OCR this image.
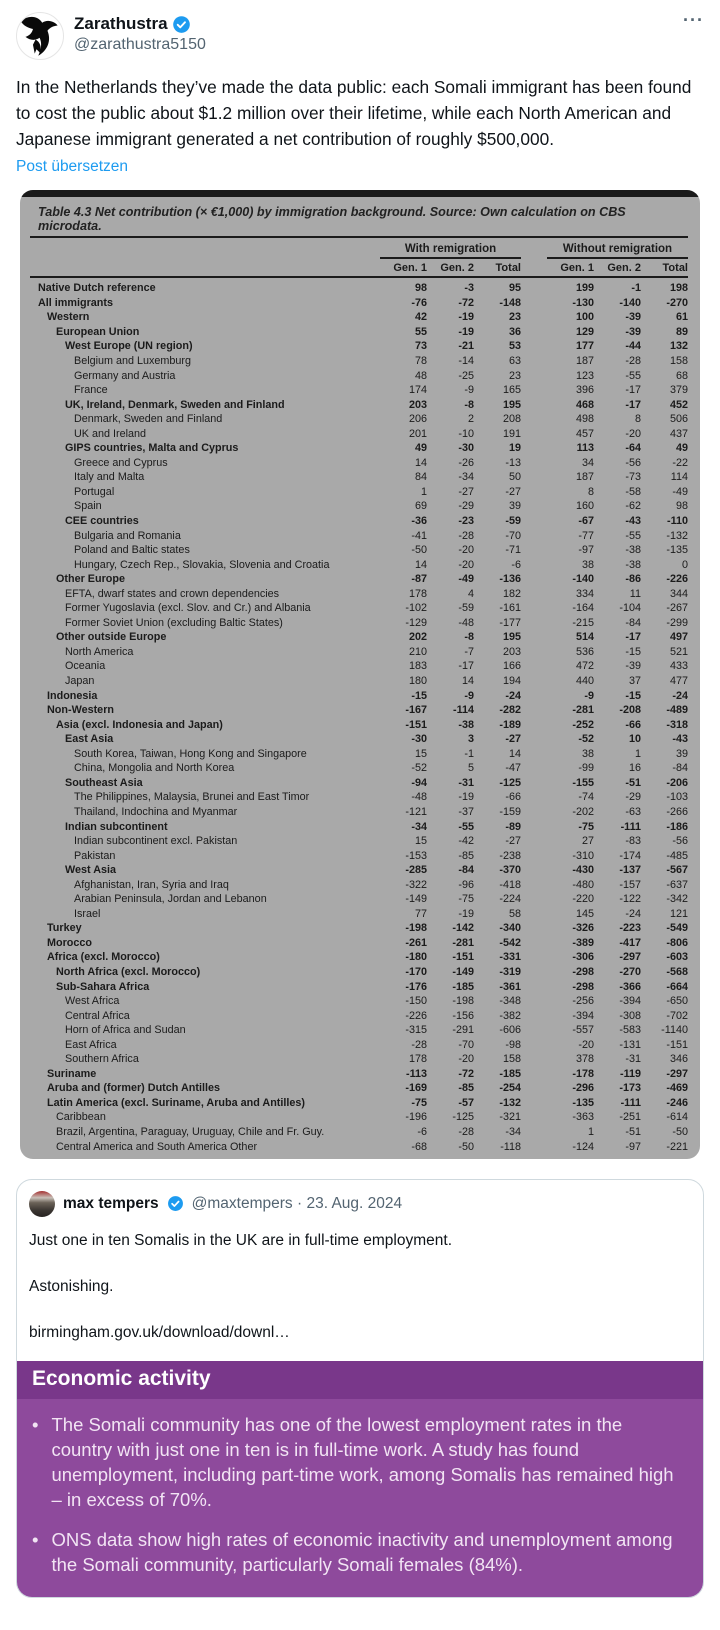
Zarathustra
@zarathustra5150
···
In the Netherlands they’ve made the data public: each Somali immigrant has been found to cost the public about $1.2 million over their lifetime, while each North American and Japanese immigrant generated a net contribution of roughly $500,000.
Post übersetzen
Table 4.3 Net contribution (× €1,000) by immigration background. Source: Own calculation on CBS microdata.
With remigration	Without remigration
Gen. 1	Gen. 2	Total	Gen. 1	Gen. 2	Total
Native Dutch reference	98	-3	95	199	-1	198
All immigrants	-76	-72	-148	-130	-140	-270
Western	42	-19	23	100	-39	61
European Union	55	-19	36	129	-39	89
West Europe (UN region)	73	-21	53	177	-44	132
Belgium and Luxemburg	78	-14	63	187	-28	158
Germany and Austria	48	-25	23	123	-55	68
France	174	-9	165	396	-17	379
UK, Ireland, Denmark, Sweden and Finland	203	-8	195	468	-17	452
Denmark, Sweden and Finland	206	2	208	498	8	506
UK and Ireland	201	-10	191	457	-20	437
GIPS countries, Malta and Cyprus	49	-30	19	113	-64	49
Greece and Cyprus	14	-26	-13	34	-56	-22
Italy and Malta	84	-34	50	187	-73	114
Portugal	1	-27	-27	8	-58	-49
Spain	69	-29	39	160	-62	98
CEE countries	-36	-23	-59	-67	-43	-110
Bulgaria and Romania	-41	-28	-70	-77	-55	-132
Poland and Baltic states	-50	-20	-71	-97	-38	-135
Hungary, Czech Rep., Slovakia, Slovenia and Croatia	14	-20	-6	38	-38	0
Other Europe	-87	-49	-136	-140	-86	-226
EFTA, dwarf states and crown dependencies	178	4	182	334	11	344
Former Yugoslavia (excl. Slov. and Cr.) and Albania	-102	-59	-161	-164	-104	-267
Former Soviet Union (excluding Baltic States)	-129	-48	-177	-215	-84	-299
Other outside Europe	202	-8	195	514	-17	497
North America	210	-7	203	536	-15	521
Oceania	183	-17	166	472	-39	433
Japan	180	14	194	440	37	477
Indonesia	-15	-9	-24	-9	-15	-24
Non-Western	-167	-114	-282	-281	-208	-489
Asia (excl. Indonesia and Japan)	-151	-38	-189	-252	-66	-318
East Asia	-30	3	-27	-52	10	-43
South Korea, Taiwan, Hong Kong and Singapore	15	-1	14	38	1	39
China, Mongolia and North Korea	-52	5	-47	-99	16	-84
Southeast Asia	-94	-31	-125	-155	-51	-206
The Philippines, Malaysia, Brunei and East Timor	-48	-19	-66	-74	-29	-103
Thailand, Indochina and Myanmar	-121	-37	-159	-202	-63	-266
Indian subcontinent	-34	-55	-89	-75	-111	-186
Indian subcontinent excl. Pakistan	15	-42	-27	27	-83	-56
Pakistan	-153	-85	-238	-310	-174	-485
West Asia	-285	-84	-370	-430	-137	-567
Afghanistan, Iran, Syria and Iraq	-322	-96	-418	-480	-157	-637
Arabian Peninsula, Jordan and Lebanon	-149	-75	-224	-220	-122	-342
Israel	77	-19	58	145	-24	121
Turkey	-198	-142	-340	-326	-223	-549
Morocco	-261	-281	-542	-389	-417	-806
Africa (excl. Morocco)	-180	-151	-331	-306	-297	-603
North Africa (excl. Morocco)	-170	-149	-319	-298	-270	-568
Sub-Sahara Africa	-176	-185	-361	-298	-366	-664
West Africa	-150	-198	-348	-256	-394	-650
Central Africa	-226	-156	-382	-394	-308	-702
Horn of Africa and Sudan	-315	-291	-606	-557	-583	-1140
East Africa	-28	-70	-98	-20	-131	-151
Southern Africa	178	-20	158	378	-31	346
Suriname	-113	-72	-185	-178	-119	-297
Aruba and (former) Dutch Antilles	-169	-85	-254	-296	-173	-469
Latin America (excl. Suriname, Aruba and Antilles)	-75	-57	-132	-135	-111	-246
Caribbean	-196	-125	-321	-363	-251	-614
Brazil, Argentina, Paraguay, Uruguay, Chile and Fr. Guy.	-6	-28	-34	1	-51	-50
Central America and South America Other	-68	-50	-118	-124	-97	-221
max tempers @maxtempers · 23. Aug. 2024

Just one in ten Somalis in the UK are in full-time employment.

Astonishing.

birmingham.gov.uk/download/downl…

Economic activity
• The Somali community has one of the lowest employment rates in the country with just one in ten is in full-time work. A study has found unemployment, including part-time work, among Somalis has remained high – in excess of 70%.
• ONS data show high rates of economic inactivity and unemployment among the Somali community, particularly Somali females (84%).
